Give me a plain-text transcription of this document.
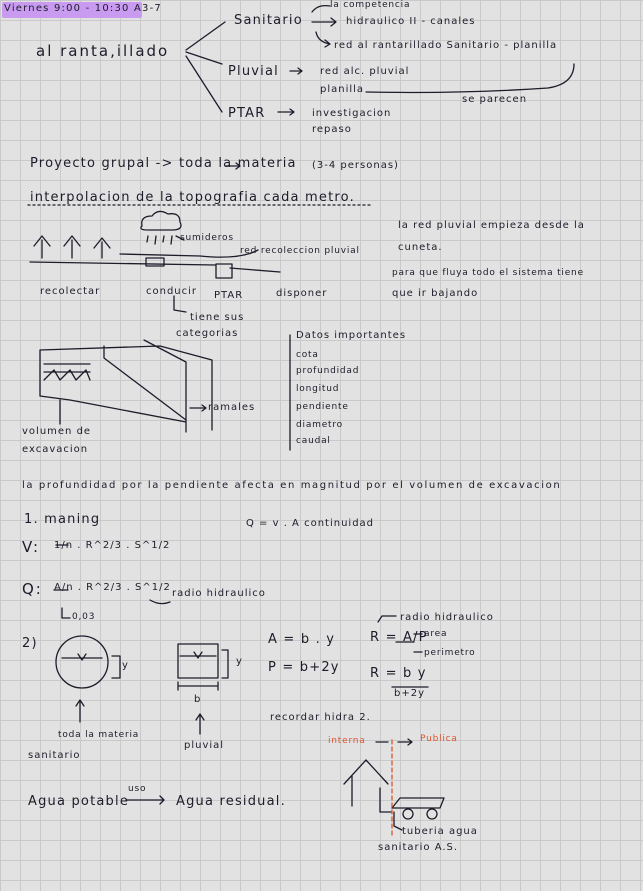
Viernes 9:00 - 10:30 A3-7
al ranta,illado
Sanitario
la competencia
hidraulico II - canales
red al rantarillado Sanitario - planilla
Pluvial	red alc. pluvial
planilla
se parecen
PTAR	investigacion
repaso
Proyecto grupal -> toda la materia (3-4 personas)
interpolacion de la topografia cada metro.
sumideros
red recoleccion pluvial
recolectar	conducir PTAR	disponer
tiene sus
categorias
la red pluvial empieza desde la
cuneta.
para que fluya todo el sistema tiene
que ir bajando
Datos importantes
cota
profundidad
longitud
pendiente
diametro
caudal
ramales
volumen de
excavacion
la profundidad por la pendiente afecta en magnitud por el volumen de excavacion
1. maning	Q = v . A continuidad
V: 1/n . R^2/3 . S^1/2
Q: A/n . R^2/3 . S^1/2
radio hidraulico
0,03
2)
y	y
b
A = b . y
P = b+2y
radio hidraulico
R = A/P
area
perimetro
R = b y
b+2y
recordar hidra 2.
toda la materia
sanitario
pluvial
Agua potable
uso
Agua residual.
interna	Publica
tuberia agua
sanitario A.S.
